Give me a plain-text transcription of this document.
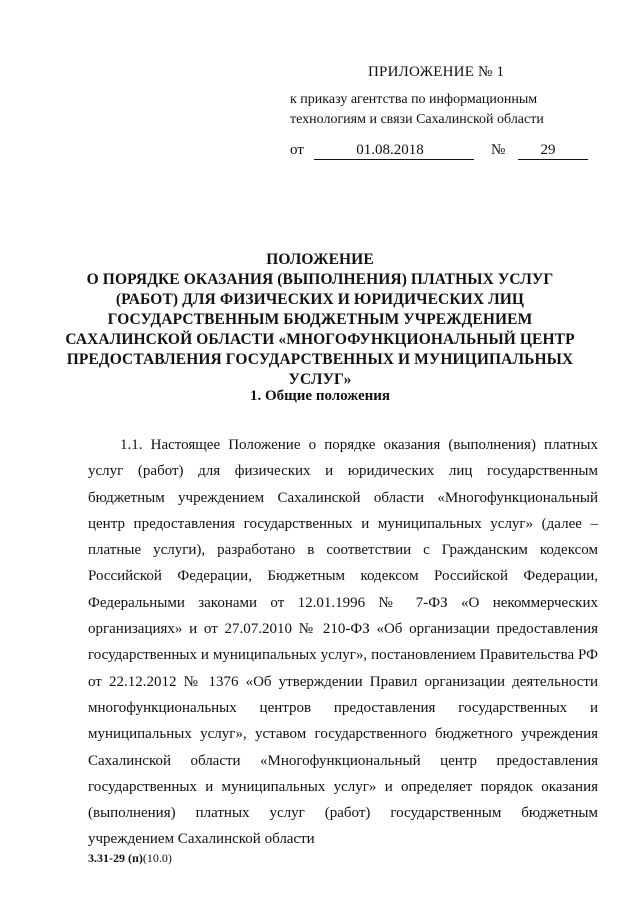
ПРИЛОЖЕНИЕ № 1
к приказу агентства по информационным технологиям и связи Сахалинской области
от	01.08.2018	№	29
ПОЛОЖЕНИЕ
О ПОРЯДКЕ ОКАЗАНИЯ (ВЫПОЛНЕНИЯ) ПЛАТНЫХ УСЛУГ
(РАБОТ) ДЛЯ ФИЗИЧЕСКИХ И ЮРИДИЧЕСКИХ ЛИЦ
ГОСУДАРСТВЕННЫМ БЮДЖЕТНЫМ УЧРЕЖДЕНИЕМ
САХАЛИНСКОЙ ОБЛАСТИ «МНОГОФУНКЦИОНАЛЬНЫЙ ЦЕНТР
ПРЕДОСТАВЛЕНИЯ ГОСУДАРСТВЕННЫХ И МУНИЦИПАЛЬНЫХ
УСЛУГ»
1. Общие положения
1.1. Настоящее Положение о порядке оказания (выполнения) платных услуг (работ) для физических и юридических лиц государственным бюджетным учреждением Сахалинской области «Многофункциональный центр предоставления государственных и муниципальных услуг» (далее – платные услуги), разработано в соответствии с Гражданским кодексом Российской Федерации, Бюджетным кодексом Российской Федерации, Федеральными законами от 12.01.1996 № 7-ФЗ «О некоммерческих организациях» и от 27.07.2010 № 210-ФЗ «Об организации предоставления государственных и муниципальных услуг», постановлением Правительства РФ от 22.12.2012 № 1376 «Об утверждении Правил организации деятельности многофункциональных центров предоставления государственных и муниципальных услуг», уставом государственного бюджетного учреждения Сахалинской области «Многофункциональный центр предоставления государственных и муниципальных услуг» и определяет порядок оказания (выполнения) платных услуг (работ) государственным бюджетным учреждением Сахалинской области
3.31-29 (п)(10.0)
